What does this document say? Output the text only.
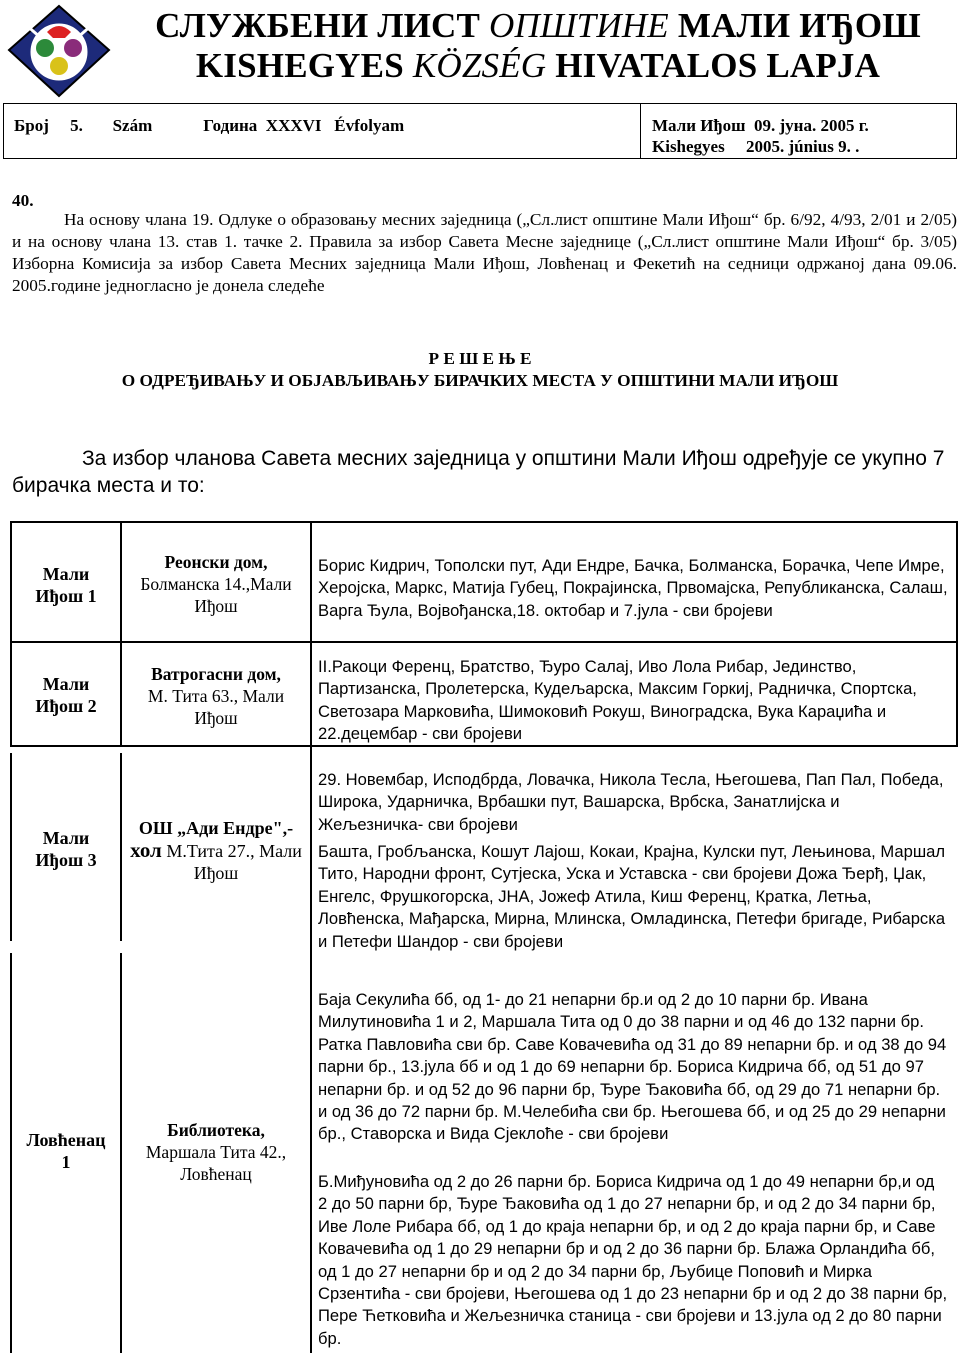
СЛУЖБЕНИ ЛИСТ ОПШТИНЕ МАЛИ ИЂОШ
KISHEGYES KÖZSÉG HIVATALOS LAPJA
Број     5.       Szám            Година  XXXVI   Évfolyam	Мали Иђош  09. јуна. 2005 г.
Kishegyes     2005. június 9. .
40.
На основу члана 19. Одлуке о образовању месних заједница („Сл.лист општине Мали Иђош“ бр. 6/92, 4/93, 2/01 и 2/05) и на основу члана 13. став 1. тачке 2. Правила за избор Савета Месне заједнице („Сл.лист општине Мали Иђош“ бр. 3/05) Изборна Комисија за избор Савета Месних заједница Мали Иђош, Ловћенац и Фекетић на седници одржаној дана 09.06. 2005.године једногласно је донела следеће
Р Е Ш Е Њ Е
О ОДРЕЂИВАЊУ И ОБЈАВЉИВАЊУ БИРАЧКИХ МЕСТА У ОПШТИНИ МАЛИ ИЂОШ
За избор чланова Савета месних заједница у општини Мали Иђош одређује се укупно 7 бирачка места и то:
Мали Иђош 1
Реонски дом,
Болманска 14.,Мали Иђош
Борис Кидрич, Тополски пут, Ади Ендре, Бачка, Болманска, Борачка, Чепе Имре, Херојска, Маркс, Матија Губец, Покрајинска, Првомајска, Републиканска, Салаш, Варга Ђула, Војвођанска,18. октобар и 7.јула - сви бројеви
Мали Иђош 2
Ватрогасни дом,
М. Тита 63., Мали Иђош
II.Ракоци Ференц, Братство, Ђуро Салај, Иво Лола Рибар, Јединство, Партизанска, Пролетерска, Кудељарска, Максим Горкиј, Радничка, Спортска, Светозара Марковића, Шимоковић Рокуш, Виноградска, Вука Караџића и 22.децембар - сви бројеви
Мали Иђош 3
ОШ „Ади Ендре",-
хол М.Тита 27., Мали Иђош
29. Новембар, Исподбрда, Ловачка, Никола Тесла, Његошева, Пап Пал, Победа, Широка, Ударничка, Врбашки пут, Вашарска, Врбска, Занатлијска и Жељезничка- сви бројеви
Башта, Гробљанска, Кошут Лајош, Кокаи, Крајна, Кулски пут, Лењинова, Маршал Тито, Народни фронт, Сутјеска, Уска и Уставска - сви бројеви Дожа Ђерђ, Џак, Енгелс, Фрушкогорска, ЈНА, Јожеф Атила, Киш Ференц, Кратка, Летња, Ловћенска, Мађарска, Мирна, Млинска, Омладинска, Петефи бригаде, Рибарска и Петефи Шандор - сви бројеви
Ловћенац 1
Библиотека,
Маршала Тита 42., Ловћенац
Баја Секулића бб, од 1- до 21 непарни бр.и од 2 до 10 парни бр. Ивана Милутиновића 1 и 2, Маршала Тита од 0 до 38 парни и од 46 до 132 парни бр. Ратка Павловића сви бр. Саве Ковачевића од 31 до 89 непарни бр. и од 38 до 94 парни бр., 13.јула бб и од 1 до 69 непарни бр. Бориса Кидрича бб, од 51 до 97 непарни бр. и од 52 до 96 парни бр, Ђуре Ђаковића бб, од 29 до 71 непарни бр. и од 36 до 72 парни бр. М.Челебића сви бр. Његошева бб, и од 25 до 29 непарни бр., Ставорска и Вида Сјеклоће - сви бројеви
Б.Миђуновића од 2 до 26 парни бр. Бориса Кидрича од 1 до 49 непарни бр,и од 2 до 50 парни бр, Ђуре Ђаковића од 1 до 27 непарни бр, и од 2 до 34 парни бр, Иве Лоле Рибара бб, од 1 до краја непарни бр, и од 2 до краја парни бр, и Саве Ковачевића од 1 до 29 непарни бр и од 2 до 36 парни бр. Блажа Орландића бб, од 1 до 27 непарни бр и од 2 до 34 парни бр, Љубице Поповић и Мирка Срзентића - сви бројеви, Његошева од 1 до 23 непарни бр и од 2 до 38 парни бр, Пере Ћетковића и Жељезничка станица - сви бројеви и 13.јула од 2 до 80 парни бр.
